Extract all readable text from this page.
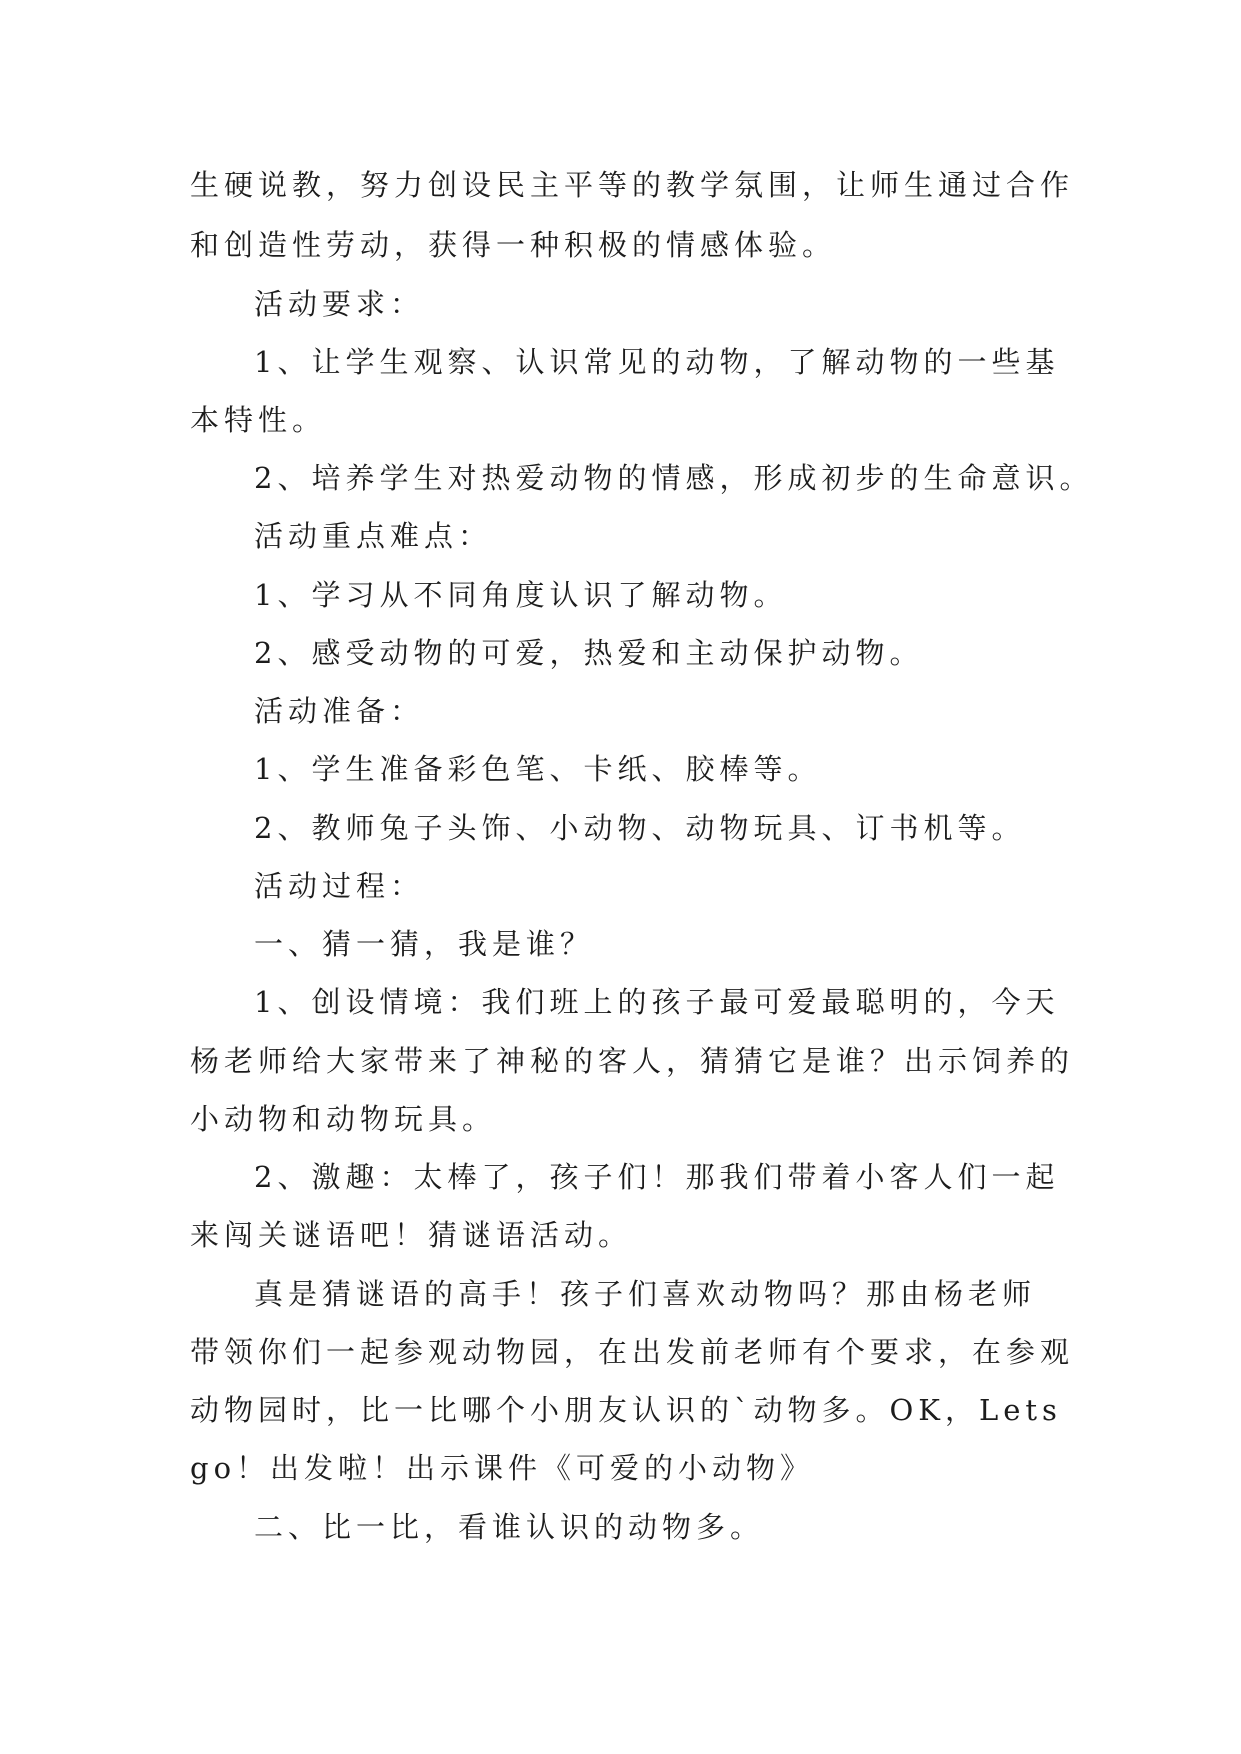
生硬说教，努力创设民主平等的教学氛围，让师生通过合作

和创造性劳动，获得一种积极的情感体验。

活动要求：

1、让学生观察、认识常见的动物，了解动物的一些基

本特性。

2、培养学生对热爱动物的情感，形成初步的生命意识。

活动重点难点：

1、学习从不同角度认识了解动物。

2、感受动物的可爱，热爱和主动保护动物。

活动准备：

1、学生准备彩色笔、卡纸、胶棒等。

2、教师兔子头饰、小动物、动物玩具、订书机等。

活动过程：

一、猜一猜，我是谁？

1、创设情境：我们班上的孩子最可爱最聪明的，今天

杨老师给大家带来了神秘的客人，猜猜它是谁？出示饲养的

小动物和动物玩具。

2、激趣：太棒了，孩子们！那我们带着小客人们一起

来闯关谜语吧！猜谜语活动。

真是猜谜语的高手！孩子们喜欢动物吗？那由杨老师

带领你们一起参观动物园，在出发前老师有个要求，在参观

动物园时，比一比哪个小朋友认识的`动物多。OK，Lets

go！出发啦！出示课件《可爱的小动物》

二、比一比，看谁认识的动物多。
